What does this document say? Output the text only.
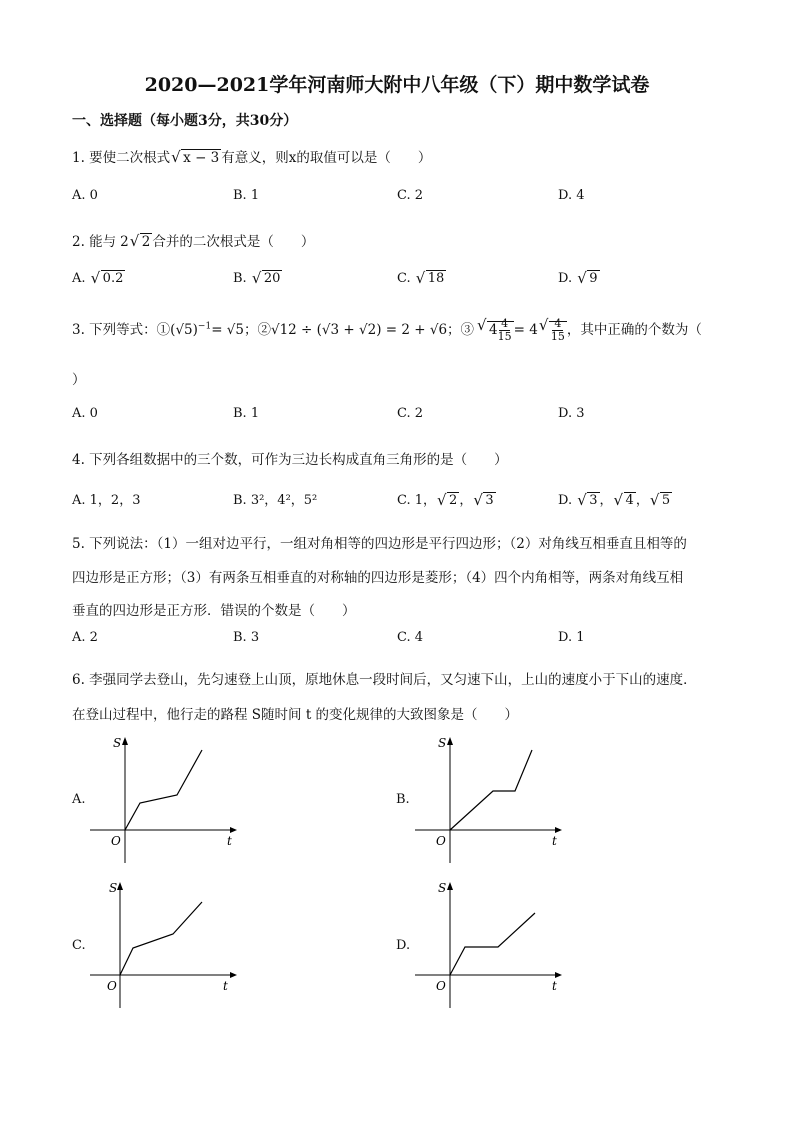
2020—2021学年河南师大附中八年级（下）期中数学试卷
一、选择题（每小题3分，共30分）
1. 要使二次根式 √ x − 3 有意义，则x的取值可以是（　　）
A. 0	B. 1	C. 2	D. 4
2. 能与 2 √ 2 合并的二次根式是（　　）
A. √ 0.2	B. √ 20	C. √ 18	D. √ 9
3. 下列等式：$①(√5)^{-1}= √5$；②√12 ÷ (√3 + √2) = 2 + √6；③ √ $4 \frac{4}{15} = 4$ √ $\frac{4}{15}$ ，其中正确的个数为（
）
A. 0	B. 1	C. 2	D. 3
4. 下列各组数据中的三个数，可作为三边长构成直角三角形的是（　　）
A. 1，2，3	B. 3²，4²，5²	C. 1， √ 2 ， √ 3	D. √ 3 ， √ 4 ， √ 5
5. 下列说法：（1）一组对边平行，一组对角相等的四边形是平行四边形；（2）对角线互相垂直且相等的
四边形是正方形；（3）有两条互相垂直的对称轴的四边形是菱形；（4）四个内角相等，两条对角线互相
垂直的四边形是正方形．错误的个数是（　　）
A. 2	B. 3	C. 4	D. 1
6. 李强同学去登山，先匀速登上山顶，原地休息一段时间后，又匀速下山，上山的速度小于下山的速度．
在登山过程中，他行走的路程 S随时间 t 的变化规律的大致图象是（　　）
A.
S
t
O
B.
S
t
O
C.
S
t
O
D.
S
t
O
